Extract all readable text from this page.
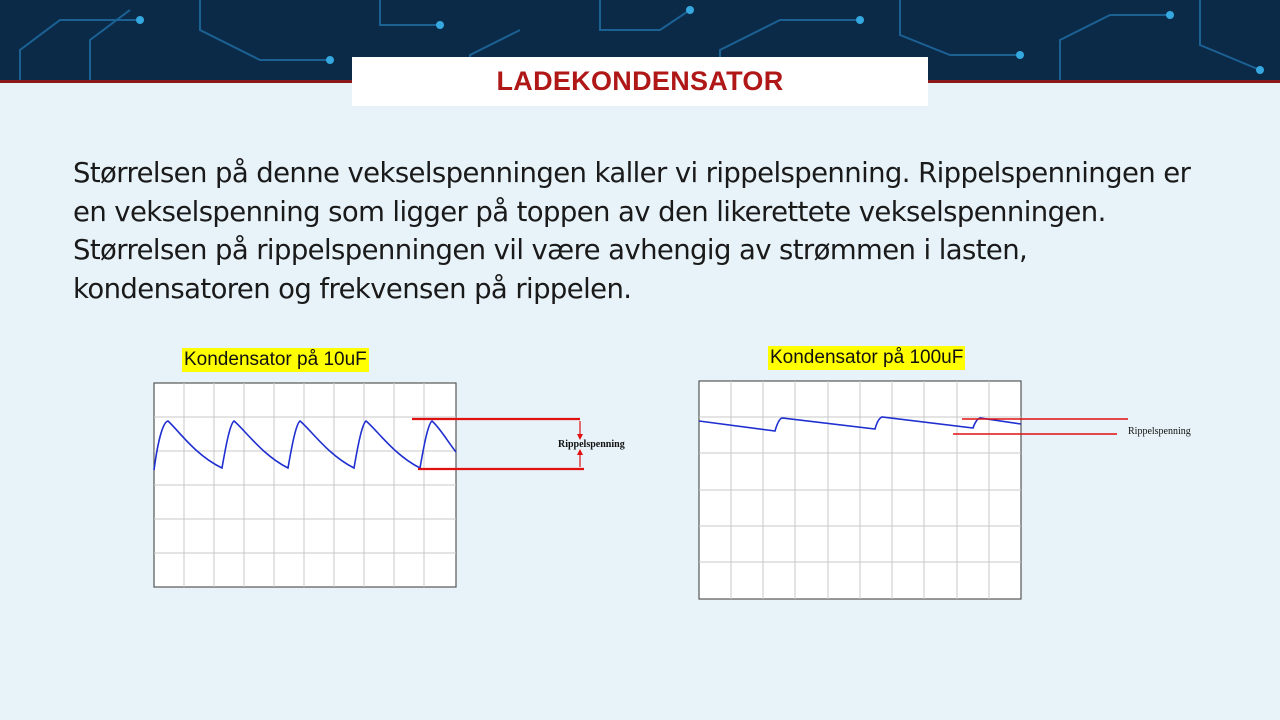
LADEKONDENSATOR
Størrelsen på denne vekselspenningen kaller vi rippelspenning. Rippelspenningen er en vekselspenning som ligger på toppen av den likerettete vekselspenningen. Størrelsen på rippelspenningen vil være avhengig av strømmen i lasten, kondensatoren og frekvensen på rippelen.
Kondensator på 10uF	Kondensator på 100uF
Rippelspenning
Rippelspenning
